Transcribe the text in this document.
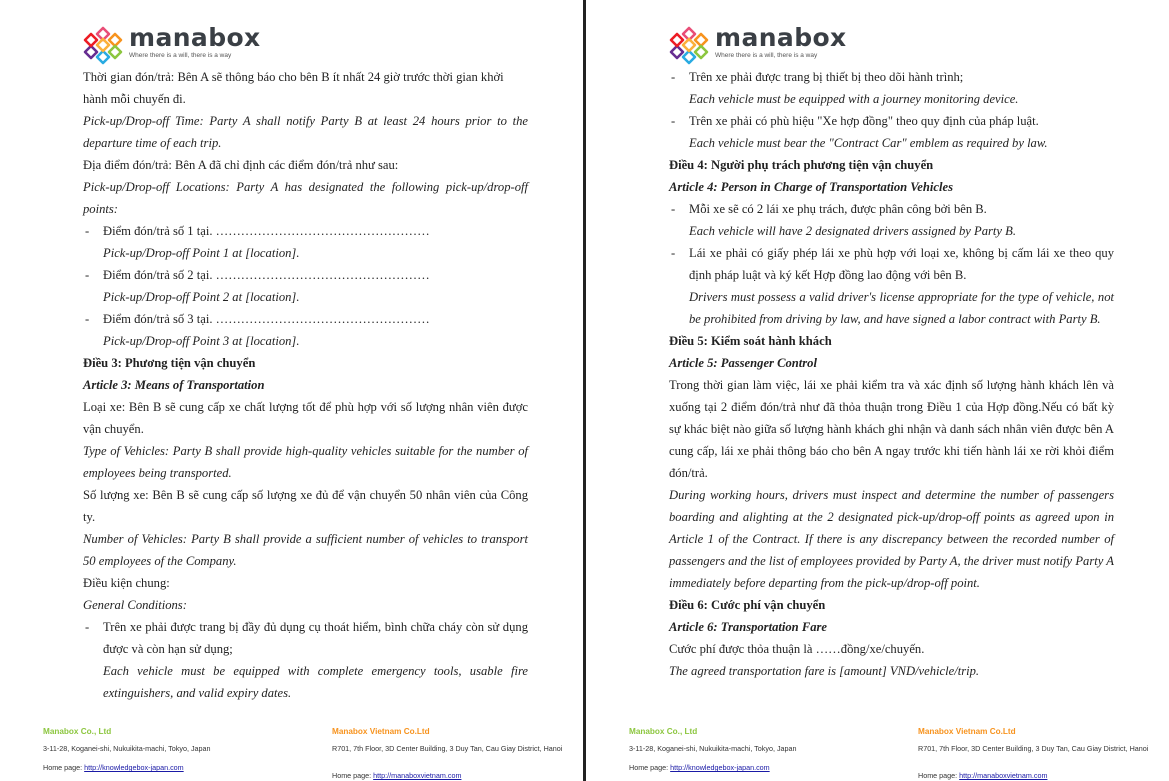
manabox
Where there is a will, there is a way

Thời gian đón/trả: Bên A sẽ thông báo cho bên B ít nhất 24 giờ trước thời gian khởi hành mỗi chuyến đi.

Pick-up/Drop-off Time: Party A shall notify Party B at least 24 hours prior to the departure time of each trip.

Địa điểm đón/trả: Bên A đã chỉ định các điểm đón/trả như sau:

Pick-up/Drop-off Locations: Party A has designated the following pick-up/drop-off points:

- Điểm đón/trả số 1 tại. ……………………………………………
Pick-up/Drop-off Point 1 at [location].
- Điểm đón/trả số 2 tại. ……………………………………………
Pick-up/Drop-off Point 2 at [location].
- Điểm đón/trả số 3 tại. ……………………………………………
Pick-up/Drop-off Point 3 at [location].

Điều 3: Phương tiện vận chuyển

Article 3: Means of Transportation

Loại xe: Bên B sẽ cung cấp xe chất lượng tốt để phù hợp với số lượng nhân viên được vận chuyển.

Type of Vehicles: Party B shall provide high-quality vehicles suitable for the number of employees being transported.

Số lượng xe: Bên B sẽ cung cấp số lượng xe đủ để vận chuyển 50 nhân viên của Công ty.

Number of Vehicles: Party B shall provide a sufficient number of vehicles to transport 50 employees of the Company.

Điều kiện chung:

General Conditions:

- Trên xe phải được trang bị đầy đủ dụng cụ thoát hiểm, bình chữa cháy còn sử dụng được và còn hạn sử dụng;
Each vehicle must be equipped with complete emergency tools, usable fire extinguishers, and valid expiry dates.
Manabox Co., Ltd
3-11-28, Koganei-shi, Nukuikita-machi, Tokyo, Japan
Home page: http://knowledgebox-japan.com
Manabox Vietnam Co.Ltd
R701, 7th Floor, 3D Center Building, 3 Duy Tan, Cau Giay District, Hanoi
Home page: http://manaboxvietnam.com
manabox
Where there is a will, there is a way
- Trên xe phải được trang bị thiết bị theo dõi hành trình;
Each vehicle must be equipped with a journey monitoring device.
- Trên xe phải có phù hiệu "Xe hợp đồng" theo quy định của pháp luật.
Each vehicle must bear the "Contract Car" emblem as required by law.

Điều 4: Người phụ trách phương tiện vận chuyển

Article 4: Person in Charge of Transportation Vehicles

- Mỗi xe sẽ có 2 lái xe phụ trách, được phân công bởi bên B.
Each vehicle will have 2 designated drivers assigned by Party B.
- Lái xe phải có giấy phép lái xe phù hợp với loại xe, không bị cấm lái xe theo quy định pháp luật và ký kết Hợp đồng lao động với bên B.
Drivers must possess a valid driver's license appropriate for the type of vehicle, not be prohibited from driving by law, and have signed a labor contract with Party B.

Điều 5: Kiểm soát hành khách

Article 5: Passenger Control

Trong thời gian làm việc, lái xe phải kiểm tra và xác định số lượng hành khách lên và xuống tại 2 điểm đón/trả như đã thỏa thuận trong Điều 1 của Hợp đồng.Nếu có bất kỳ sự khác biệt nào giữa số lượng hành khách ghi nhận và danh sách nhân viên được bên A cung cấp, lái xe phải thông báo cho bên A ngay trước khi tiến hành lái xe rời khỏi điểm đón/trả.

During working hours, drivers must inspect and determine the number of passengers boarding and alighting at the 2 designated pick-up/drop-off points as agreed upon in Article 1 of the Contract. If there is any discrepancy between the recorded number of passengers and the list of employees provided by Party A, the driver must notify Party A immediately before departing from the pick-up/drop-off point.

Điều 6: Cước phí vận chuyển

Article 6: Transportation Fare

Cước phí được thỏa thuận là ……đồng/xe/chuyến.

The agreed transportation fare is [amount] VND/vehicle/trip.

Manabox Co., Ltd
3-11-28, Koganei-shi, Nukuikita-machi, Tokyo, Japan
Home page: http://knowledgebox-japan.com
Manabox Vietnam Co.Ltd
R701, 7th Floor, 3D Center Building, 3 Duy Tan, Cau Giay District, Hanoi
Home page: http://manaboxvietnam.com
